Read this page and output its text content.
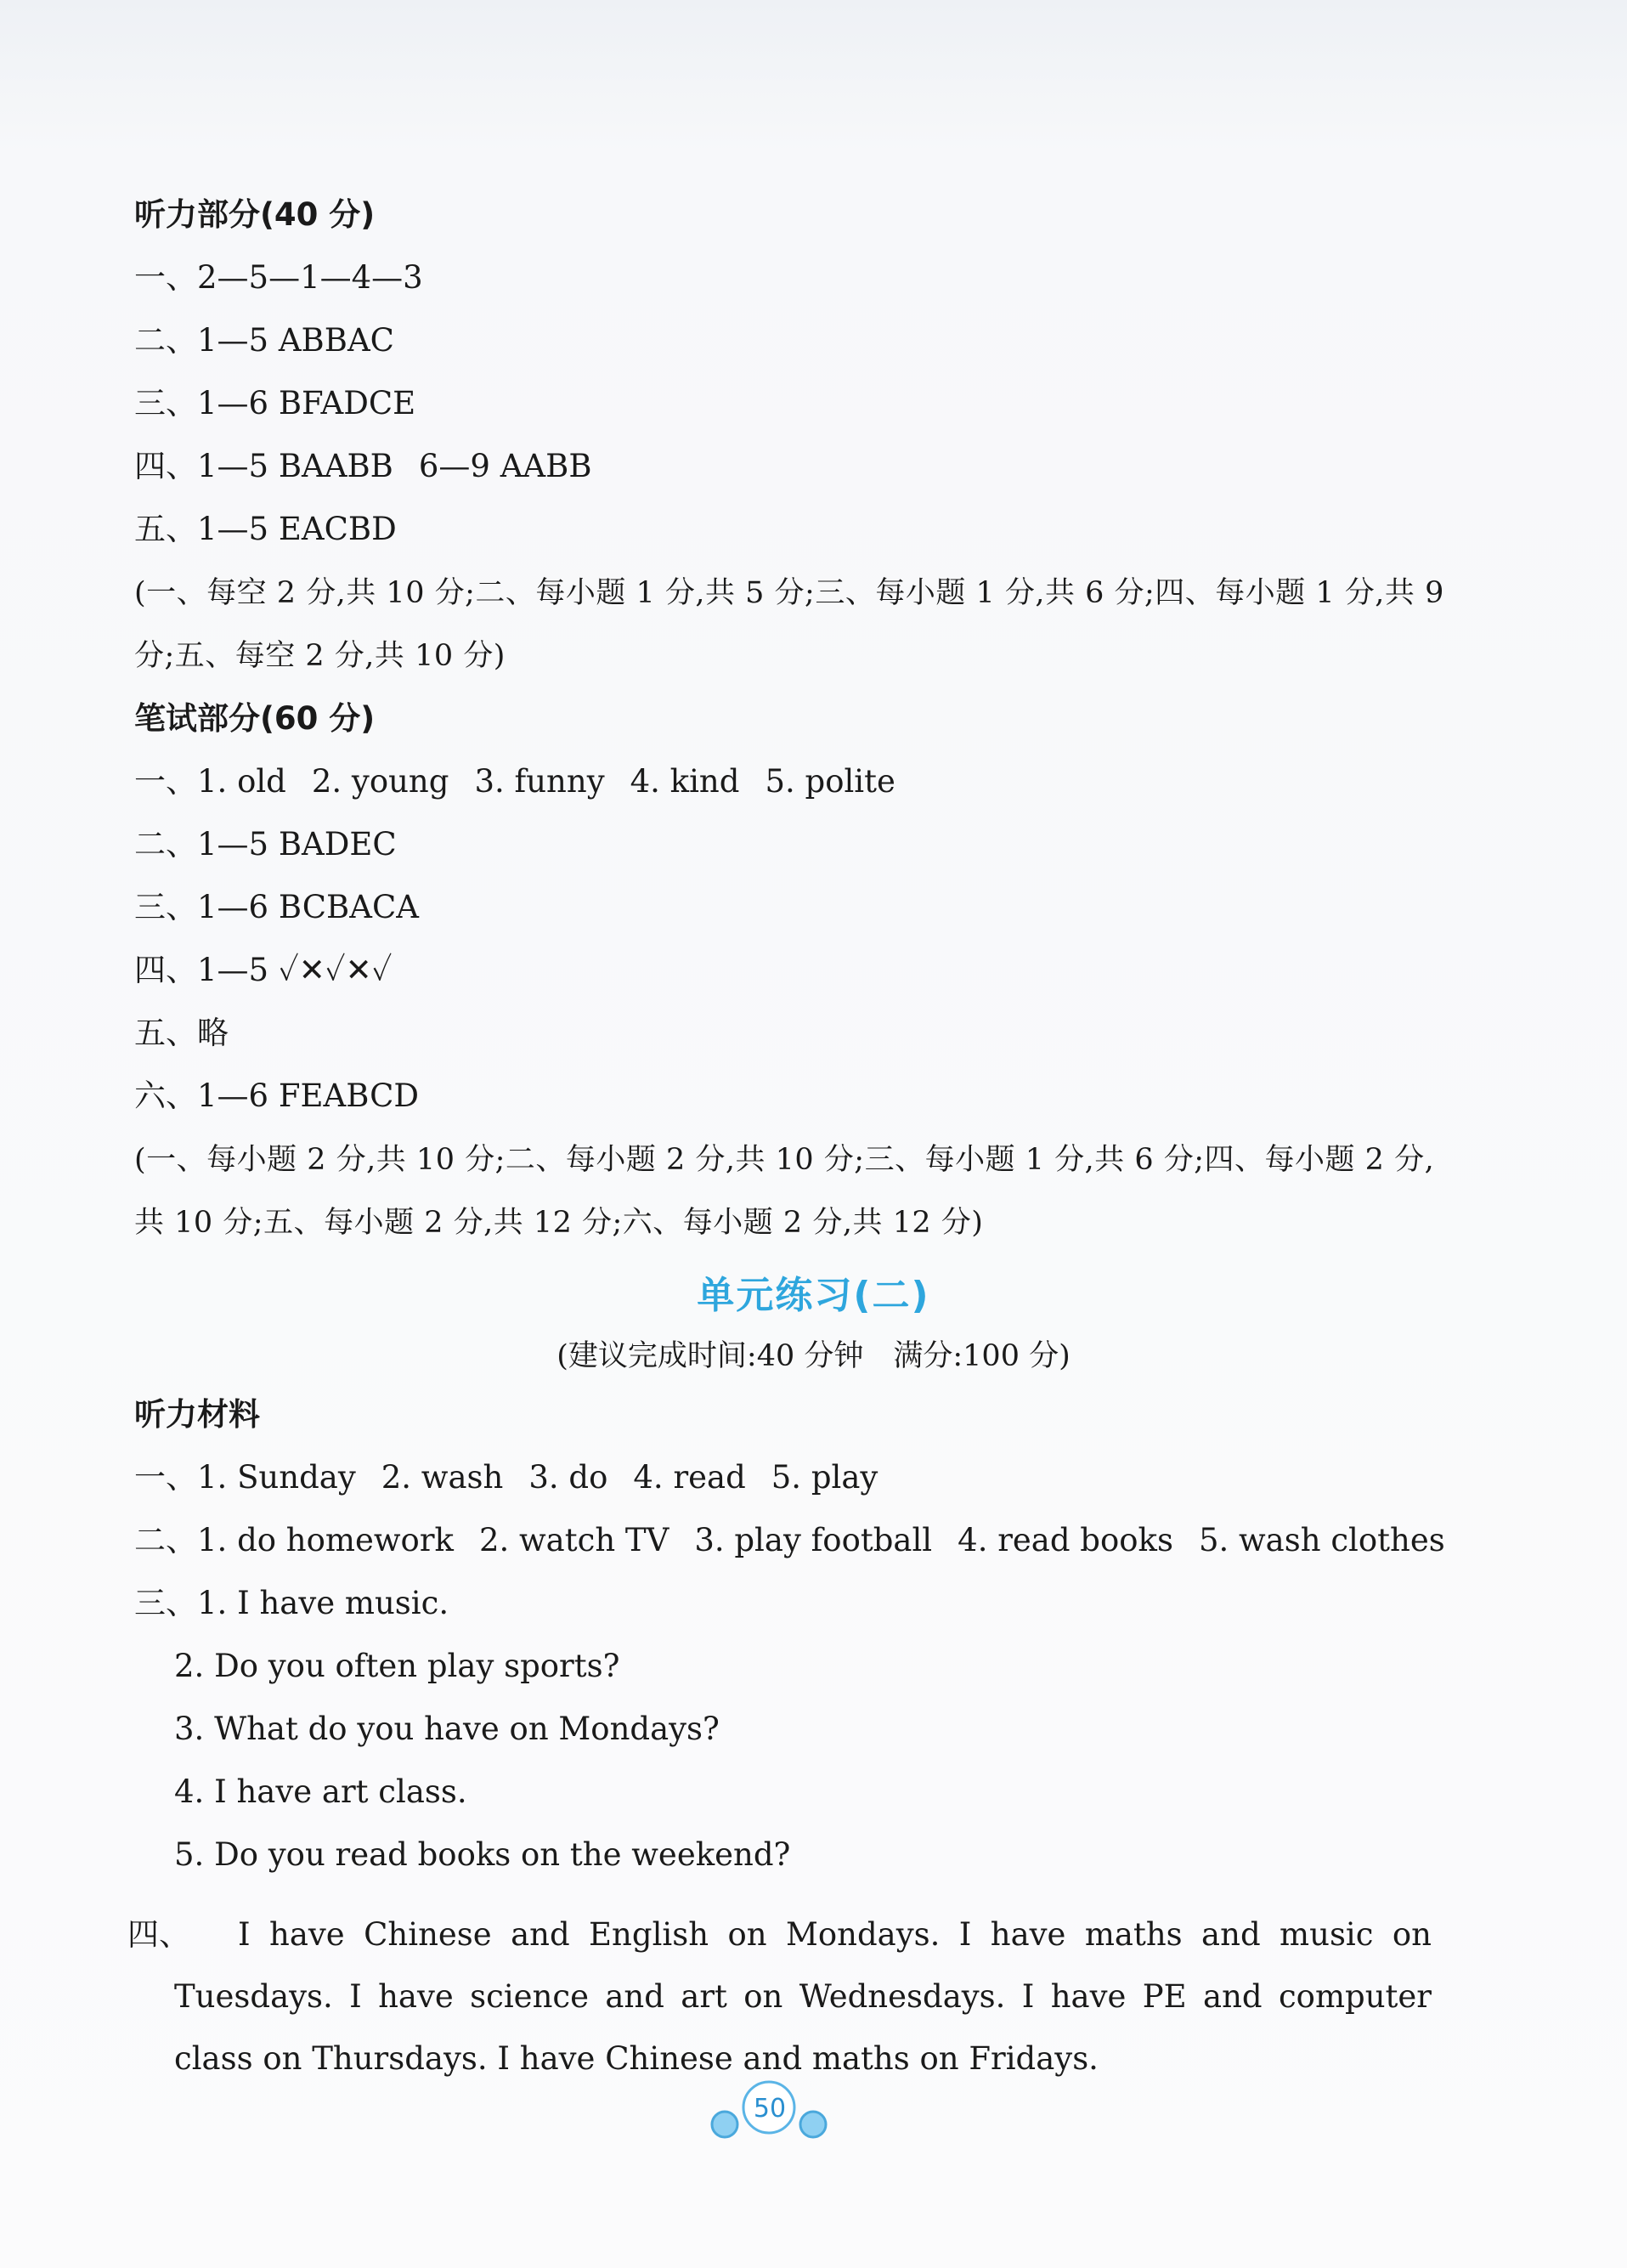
听力部分(40 分)
一、2—5—1—4—3
二、1—5 ABBAC
三、1—6 BFADCE
四、1—5 BAABB 6—9 AABB
五、1—5 EACBD
(一、每空 2 分,共 10 分;二、每小题 1 分,共 5 分;三、每小题 1 分,共 6 分;四、每小题 1 分,共 9
分;五、每空 2 分,共 10 分)
笔试部分(60 分)
一、1. old 2. young 3. funny 4. kind 5. polite
二、1—5 BADEC
三、1—6 BCBACA
四、1—5 ✓✕✓✕✓
五、略
六、1—6 FEABCD
(一、每小题 2 分,共 10 分;二、每小题 2 分,共 10 分;三、每小题 1 分,共 6 分;四、每小题 2 分,
共 10 分;五、每小题 2 分,共 12 分;六、每小题 2 分,共 12 分)
单元练习(二)
(建议完成时间:40 分钟　满分:100 分)
听力材料
一、1. Sunday 2. wash 3. do 4. read 5. play
二、1. do homework 2. watch TV 3. play football 4. read books 5. wash clothes
三、1. I have music.
2. Do you often play sports?
3. What do you have on Mondays?
4. I have art class.
5. Do you read books on the weekend?
四、	I have Chinese and English on Mondays. I have maths and music on Tuesdays. I have science and art on Wednesdays. I have PE and computer class on Thursdays. I have Chinese and maths on Fridays.
50
